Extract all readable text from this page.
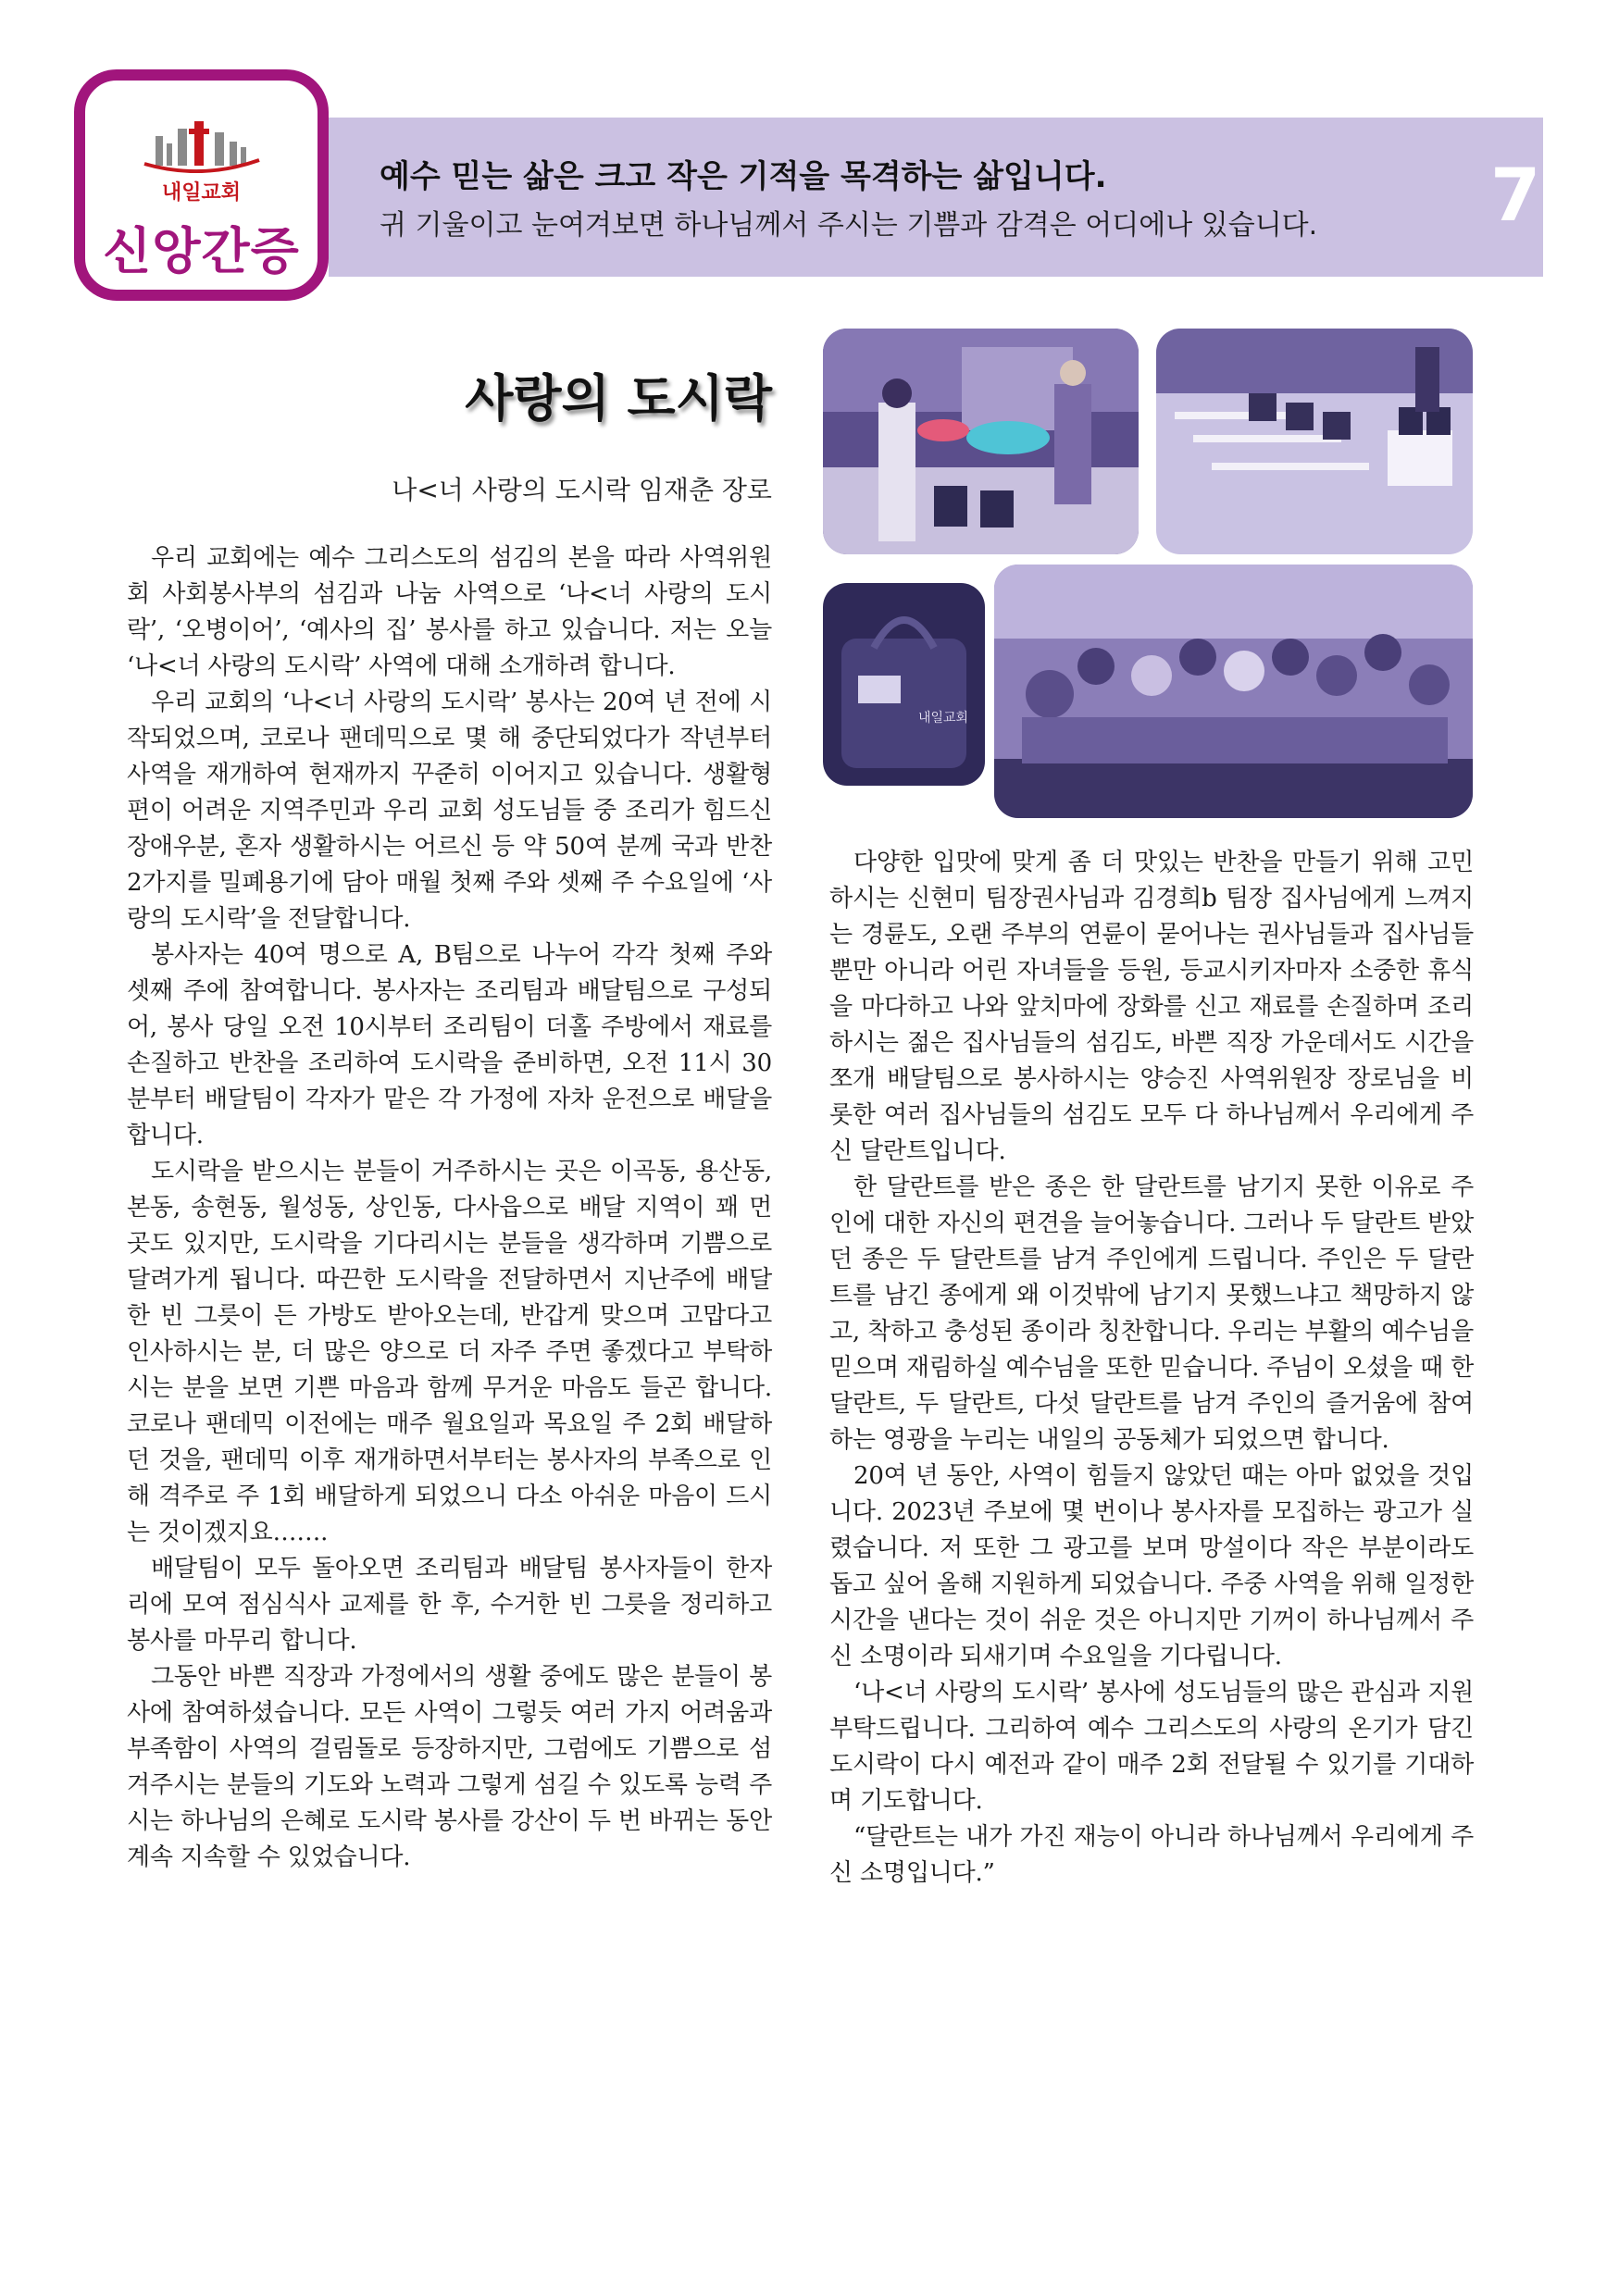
예수 믿는 삶은 크고 작은 기적을 목격하는 삶입니다.
귀 기울이고 눈여겨보면 하나님께서 주시는 기쁨과 감격은 어디에나 있습니다. 7
내일교회
신앙간증
사랑의 도시락
나<너 사랑의 도시락 임재춘 장로

우리 교회에는 예수 그리스도의 섬김의 본을 따라 사역위원회 사회봉사부의 섬김과 나눔 사역으로 ‘나<너 사랑의 도시락’, ‘오병이어’, ‘예사의 집’ 봉사를 하고 있습니다. 저는 오늘 ‘나<너 사랑의 도시락’ 사역에 대해 소개하려 합니다.

우리 교회의 ‘나<너 사랑의 도시락’ 봉사는 20여 년 전에 시작되었으며, 코로나 팬데믹으로 몇 해 중단되었다가 작년부터 사역을 재개하여 현재까지 꾸준히 이어지고 있습니다. 생활형편이 어려운 지역주민과 우리 교회 성도님들 중 조리가 힘드신 장애우분, 혼자 생활하시는 어르신 등 약 50여 분께 국과 반찬 2가지를 밀폐용기에 담아 매월 첫째 주와 셋째 주 수요일에 ‘사랑의 도시락’을 전달합니다.

봉사자는 40여 명으로 A, B팀으로 나누어 각각 첫째 주와 셋째 주에 참여합니다. 봉사자는 조리팀과 배달팀으로 구성되어, 봉사 당일 오전 10시부터 조리팀이 더홀 주방에서 재료를 손질하고 반찬을 조리하여 도시락을 준비하면, 오전 11시 30분부터 배달팀이 각자가 맡은 각 가정에 자차 운전으로 배달을 합니다.

도시락을 받으시는 분들이 거주하시는 곳은 이곡동, 용산동, 본동, 송현동, 월성동, 상인동, 다사읍으로 배달 지역이 꽤 먼 곳도 있지만, 도시락을 기다리시는 분들을 생각하며 기쁨으로 달려가게 됩니다. 따끈한 도시락을 전달하면서 지난주에 배달한 빈 그릇이 든 가방도 받아오는데, 반갑게 맞으며 고맙다고 인사하시는 분, 더 많은 양으로 더 자주 주면 좋겠다고 부탁하시는 분을 보면 기쁜 마음과 함께 무거운 마음도 들곤 합니다. 코로나 팬데믹 이전에는 매주 월요일과 목요일 주 2회 배달하던 것을, 팬데믹 이후 재개하면서부터는 봉사자의 부족으로 인해 격주로 주 1회 배달하게 되었으니 다소 아쉬운 마음이 드시는 것이겠지요…….

배달팀이 모두 돌아오면 조리팀과 배달팀 봉사자들이 한자리에 모여 점심식사 교제를 한 후, 수거한 빈 그릇을 정리하고 봉사를 마무리 합니다.

그동안 바쁜 직장과 가정에서의 생활 중에도 많은 분들이 봉사에 참여하셨습니다. 모든 사역이 그렇듯 여러 가지 어려움과 부족함이 사역의 걸림돌로 등장하지만, 그럼에도 기쁨으로 섬겨주시는 분들의 기도와 노력과 그렇게 섬길 수 있도록 능력 주시는 하나님의 은혜로 도시락 봉사를 강산이 두 번 바뀌는 동안 계속 지속할 수 있었습니다.

다양한 입맛에 맞게 좀 더 맛있는 반찬을 만들기 위해 고민하시는 신현미 팀장권사님과 김경희b 팀장 집사님에게 느껴지는 경륜도, 오랜 주부의 연륜이 묻어나는 권사님들과 집사님들뿐만 아니라 어린 자녀들을 등원, 등교시키자마자 소중한 휴식을 마다하고 나와 앞치마에 장화를 신고 재료를 손질하며 조리하시는 젊은 집사님들의 섬김도, 바쁜 직장 가운데서도 시간을 쪼개 배달팀으로 봉사하시는 양승진 사역위원장 장로님을 비롯한 여러 집사님들의 섬김도 모두 다 하나님께서 우리에게 주신 달란트입니다.

한 달란트를 받은 종은 한 달란트를 남기지 못한 이유로 주인에 대한 자신의 편견을 늘어놓습니다. 그러나 두 달란트 받았던 종은 두 달란트를 남겨 주인에게 드립니다. 주인은 두 달란트를 남긴 종에게 왜 이것밖에 남기지 못했느냐고 책망하지 않고, 착하고 충성된 종이라 칭찬합니다. 우리는 부활의 예수님을 믿으며 재림하실 예수님을 또한 믿습니다. 주님이 오셨을 때 한 달란트, 두 달란트, 다섯 달란트를 남겨 주인의 즐거움에 참여하는 영광을 누리는 내일의 공동체가 되었으면 합니다.

20여 년 동안, 사역이 힘들지 않았던 때는 아마 없었을 것입니다. 2023년 주보에 몇 번이나 봉사자를 모집하는 광고가 실렸습니다. 저 또한 그 광고를 보며 망설이다 작은 부분이라도 돕고 싶어 올해 지원하게 되었습니다. 주중 사역을 위해 일정한 시간을 낸다는 것이 쉬운 것은 아니지만 기꺼이 하나님께서 주신 소명이라 되새기며 수요일을 기다립니다.

‘나<너 사랑의 도시락’ 봉사에 성도님들의 많은 관심과 지원 부탁드립니다. 그리하여 예수 그리스도의 사랑의 온기가 담긴 도시락이 다시 예전과 같이 매주 2회 전달될 수 있기를 기대하며 기도합니다.

“달란트는 내가 가진 재능이 아니라 하나님께서 우리에게 주신 소명입니다.”

내일교회
